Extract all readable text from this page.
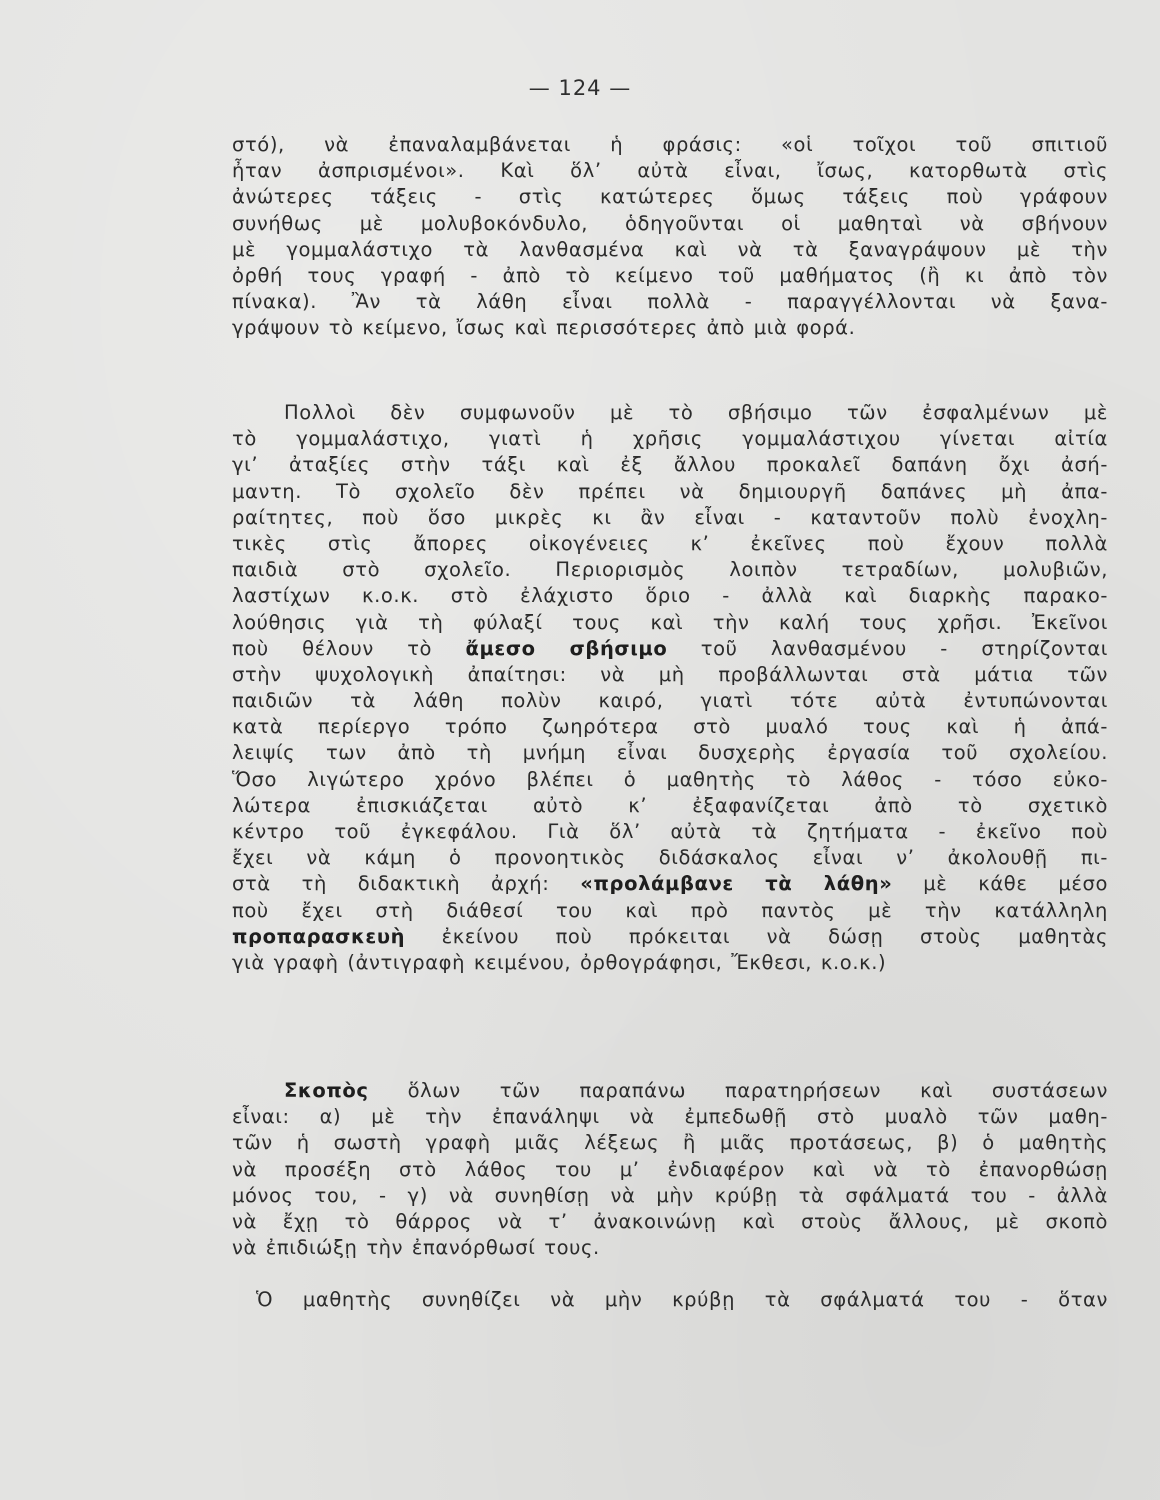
— 124 —
στό), νὰ ἐπαναλαμβάνεται ἡ φράσις: «οἱ τοῖχοι τοῦ σπιτιοῦ
ἦταν ἀσπρισμένοι». Καὶ ὅλ’ αὐτὰ εἶναι, ἴσως, κατορθωτὰ στὶς
ἀνώτερες τάξεις - στὶς κατώτερες ὅμως τάξεις ποὺ γράφουν
συνήθως μὲ μολυβοκόνδυλο, ὁδηγοῦνται οἱ μαθηταὶ νὰ σβήνουν
μὲ γομμαλάστιχο τὰ λανθασμένα καὶ νὰ τὰ ξαναγράψουν μὲ τὴν
ὀρθή τους γραφή - ἀπὸ τὸ κείμενο τοῦ μαθήματος (ἢ κι ἀπὸ τὸν
πίνακα). Ἂν τὰ λάθη εἶναι πολλὰ - παραγγέλλονται νὰ ξανα-
γράψουν τὸ κείμενο, ἴσως καὶ περισσότερες ἀπὸ μιὰ φορά.
Πολλοὶ δὲν συμφωνοῦν μὲ τὸ σβήσιμο τῶν ἐσφαλμένων μὲ
τὸ γομμαλάστιχο, γιατὶ ἡ χρῆσις γομμαλάστιχου γίνεται αἰτία
γι’ ἀταξίες στὴν τάξι καὶ ἐξ ἄλλου προκαλεῖ δαπάνη ὄχι ἀσή-
μαντη. Τὸ σχολεῖο δὲν πρέπει νὰ δημιουργῆ δαπάνες μὴ ἀπα-
ραίτητες, ποὺ ὅσο μικρὲς κι ἂν εἶναι - καταντοῦν πολὺ ἐνοχλη-
τικὲς στὶς ἄπορες οἰκογένειες κ’ ἐκεῖνες ποὺ ἔχουν πολλὰ
παιδιὰ στὸ σχολεῖο. Περιορισμὸς λοιπὸν τετραδίων, μολυβιῶν,
λαστίχων κ.ο.κ. στὸ ἐλάχιστο ὅριο - ἀλλὰ καὶ διαρκὴς παρακο-
λούθησις γιὰ τὴ φύλαξί τους καὶ τὴν καλή τους χρῆσι. Ἐκεῖνοι
ποὺ θέλουν τὸ ἄμεσο σβήσιμο τοῦ λανθασμένου - στηρίζονται
στὴν ψυχολογικὴ ἀπαίτησι: νὰ μὴ προβάλλωνται στὰ μάτια τῶν
παιδιῶν τὰ λάθη πολὺν καιρό, γιατὶ τότε αὐτὰ ἐντυπώνονται
κατὰ περίεργο τρόπο ζωηρότερα στὸ μυαλό τους καὶ ἡ ἀπά-
λειψίς των ἀπὸ τὴ μνήμη εἶναι δυσχερὴς ἐργασία τοῦ σχολείου.
Ὅσο λιγώτερο χρόνο βλέπει ὁ μαθητὴς τὸ λάθος - τόσο εὐκο-
λώτερα ἐπισκιάζεται αὐτὸ κ’ ἐξαφανίζεται ἀπὸ τὸ σχετικὸ
κέντρο τοῦ ἐγκεφάλου. Γιὰ ὅλ’ αὐτὰ τὰ ζητήματα - ἐκεῖνο ποὺ
ἔχει νὰ κάμη ὁ προνοητικὸς διδάσκαλος εἶναι ν’ ἀκολουθῇ πι-
στὰ τὴ διδακτικὴ ἀρχή: «προλάμβανε τὰ λάθη» μὲ κάθε μέσο
ποὺ ἔχει στὴ διάθεσί του καὶ πρὸ παντὸς μὲ τὴν κατάλληλη
προπαρασκευὴ ἐκείνου ποὺ πρόκειται νὰ δώσῃ στοὺς μαθητὰς
γιὰ γραφὴ (ἀντιγραφὴ κειμένου, ὀρθογράφησι, Ἔκθεσι, κ.ο.κ.)
Σκοπὸς ὅλων τῶν παραπάνω παρατηρήσεων καὶ συστάσεων
εἶναι: α) μὲ τὴν ἐπανάληψι νὰ ἐμπεδωθῇ στὸ μυαλὸ τῶν μαθη-
τῶν ἡ σωστὴ γραφὴ μιᾶς λέξεως ἢ μιᾶς προτάσεως, β) ὁ μαθητὴς
νὰ προσέξη στὸ λάθος του μ’ ἐνδιαφέρον καὶ νὰ τὸ ἐπανορθώσῃ
μόνος του, - γ) νὰ συνηθίσῃ νὰ μὴν κρύβῃ τὰ σφάλματά του - ἀλλὰ
νὰ ἔχῃ τὸ θάρρος νὰ τ’ ἀνακοινώνῃ καὶ στοὺς ἄλλους, μὲ σκοπὸ
νὰ ἐπιδιώξῃ τὴν ἐπανόρθωσί τους.
Ὁ μαθητὴς συνηθίζει νὰ μὴν κρύβῃ τὰ σφάλματά του - ὅταν
